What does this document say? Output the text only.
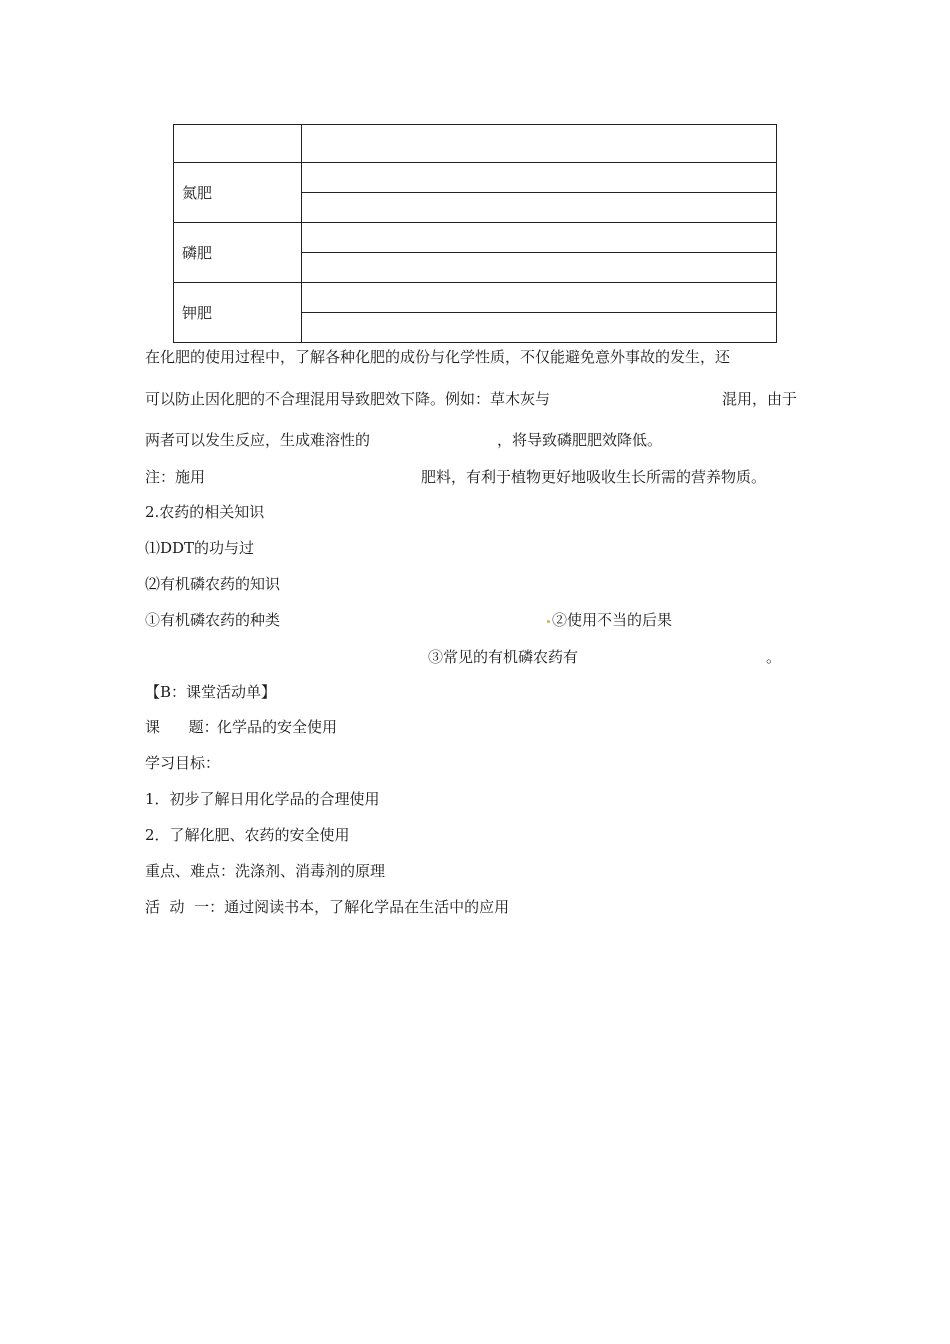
氮肥	

磷肥	

钾肥	

在化肥的使用过程中，了解各种化肥的成份与化学性质，不仅能避免意外事故的发生，还
可以防止因化肥的不合理混用导致肥效下降。例如：草木灰与	混用，由于
两者可以发生反应，生成难溶性的	，将导致磷肥肥效降低。
注：施用	肥料，有利于植物更好地吸收生长所需的营养物质。
2.农药的相关知识
⑴DDT的功与过
⑵有机磷农药的知识
①有机磷农药的种类	②使用不当的后果
③常见的有机磷农药有	。
【B：课堂活动单】
课      题：
化学品的安全使用
学习目标：
1．初步了解日用化学品的合理使用
2．了解化肥、农药的安全使用
重点、难点：洗涤剂、消毒剂的原理
活  动  一：通过阅读书本，了解化学品在生活中的应用
